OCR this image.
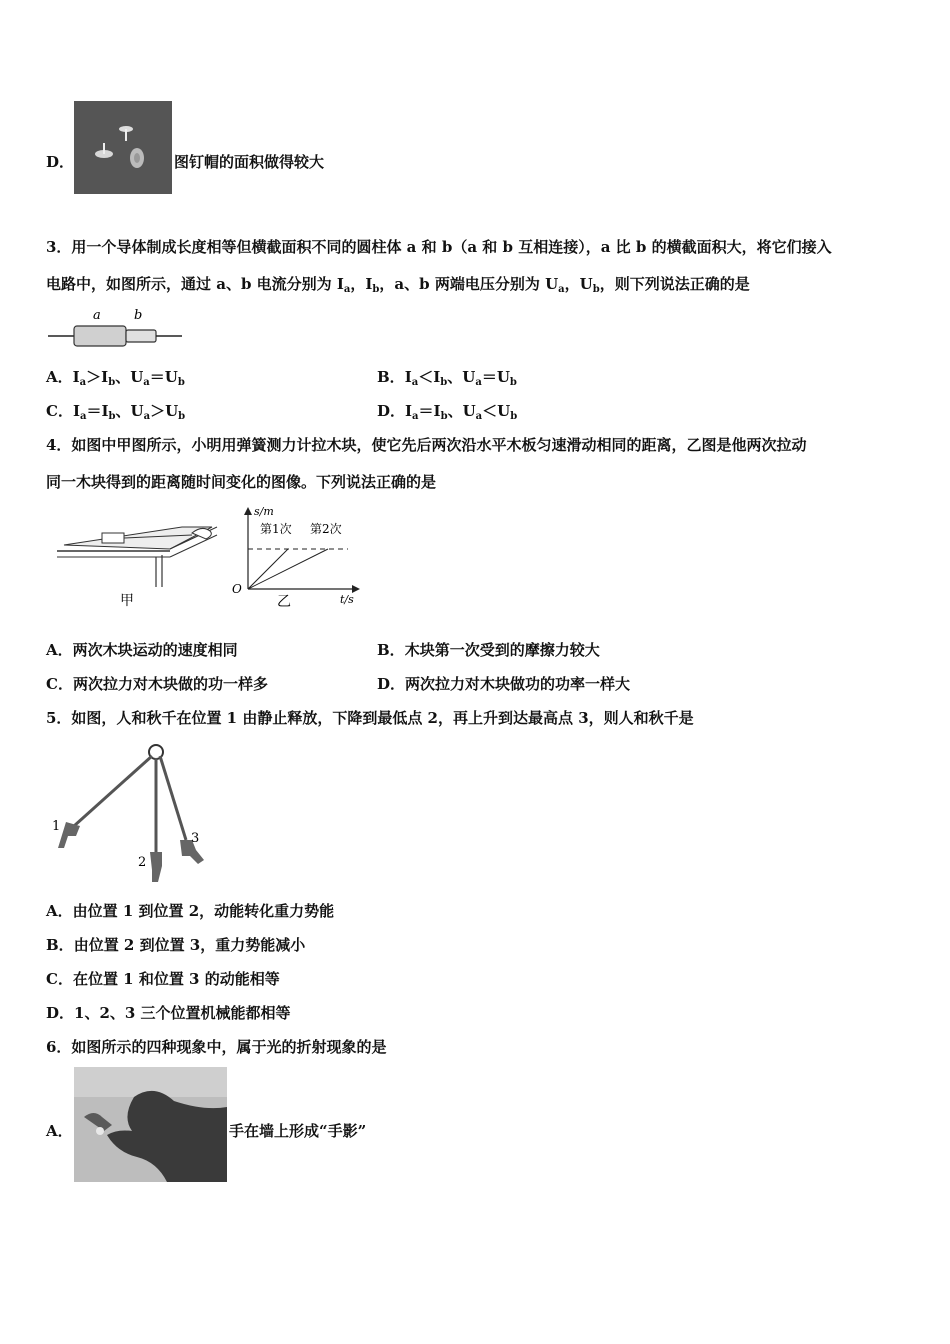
D．	图钉帽的面积做得较大
3．用一个导体制成长度相等但横截面积不同的圆柱体 a 和 b（a 和 b 互相连接），a 比 b 的横截面积大，将它们接入
电路中，如图所示，通过 a、b 电流分别为 $I_a$，$I_b$，a、b 两端电压分别为 $U_a$，$U_b$，则下列说法正确的是
a	b
A．$I_a>I_b$、$U_a=U_b$	B．$I_a<I_b$、$U_a=U_b$
C．$I_a=I_b$、$U_a>U_b$	D．$I_a=I_b$、$U_a<U_b$
4．如图中甲图所示，小明用弹簧测力计拉木块，使它先后两次沿水平木板匀速滑动相同的距离，乙图是他两次拉动
同一木块得到的距离随时间变化的图像。下列说法正确的是
甲
s/m
t/s
O
第1次 第2次
乙
A．两次木块运动的速度相同	B．木块第一次受到的摩擦力较大
C．两次拉力对木块做的功一样多	D．两次拉力对木块做功的功率一样大
5．如图，人和秋千在位置 1 由静止释放，下降到最低点 2，再上升到达最高点 3，则人和秋千是
1
2
3
A．由位置 1 到位置 2，动能转化重力势能
B．由位置 2 到位置 3，重力势能减小
C．在位置 1 和位置 3 的动能相等
D．1、2、3 三个位置机械能都相等
6．如图所示的四种现象中，属于光的折射现象的是
A．	手在墙上形成“手影”
